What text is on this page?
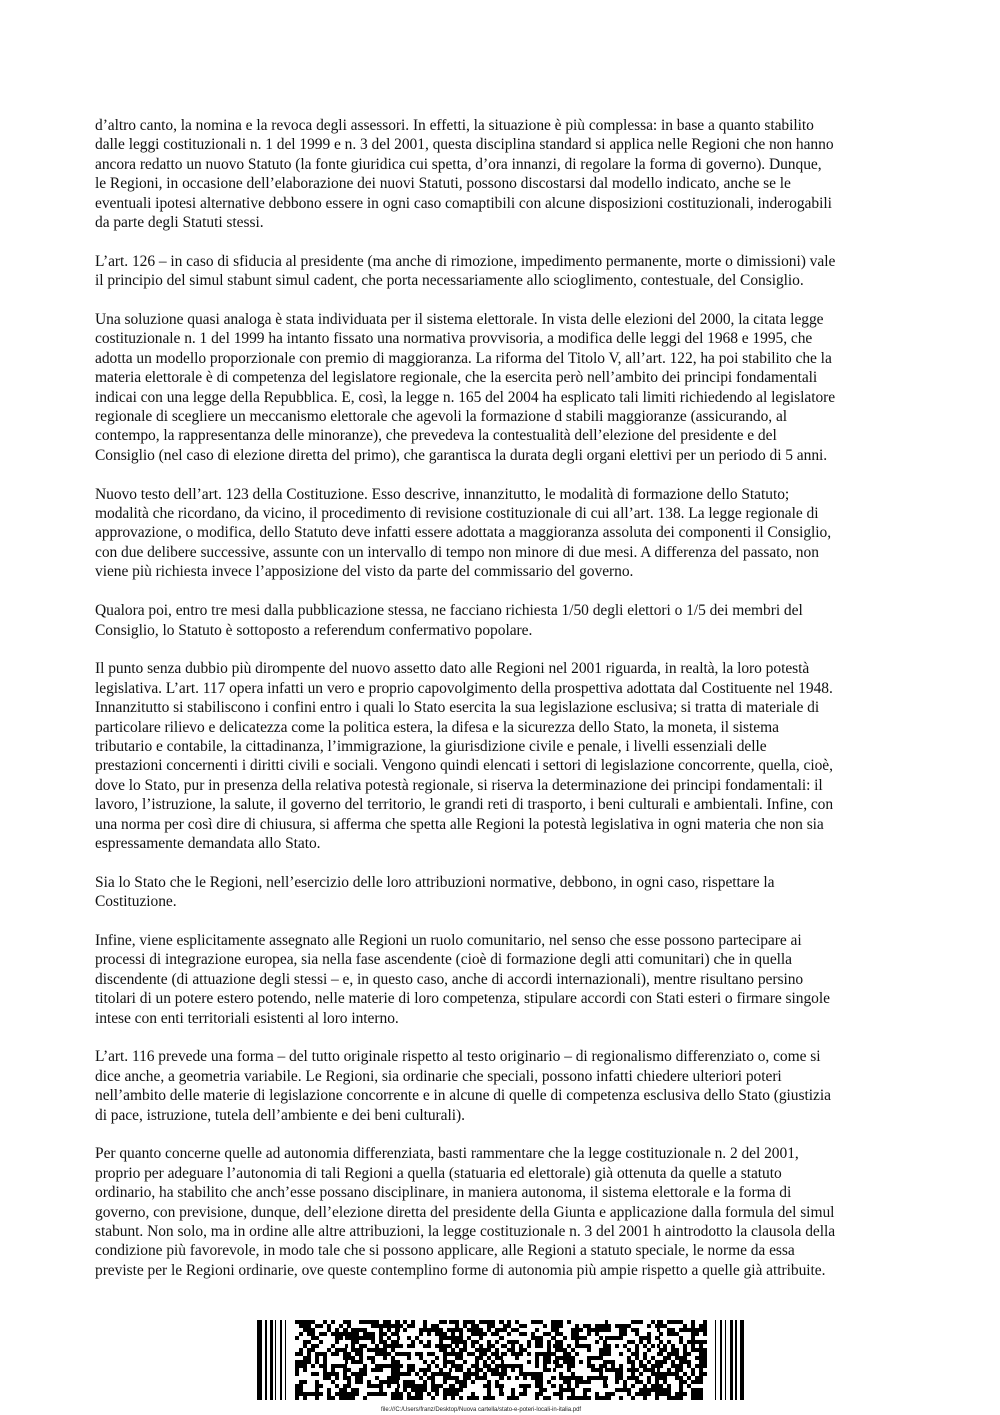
d’altro canto, la nomina e la revoca degli assessori. In effetti, la situazione è più complessa: in base a quanto stabilito
dalle leggi costituzionali n. 1 del 1999 e n. 3 del 2001, questa disciplina standard si applica nelle Regioni che non hanno
ancora redatto un nuovo Statuto (la fonte giuridica cui spetta, d’ora innanzi, di regolare la forma di governo). Dunque,
le Regioni, in occasione dell’elaborazione dei nuovi Statuti, possono discostarsi dal modello indicato, anche se le
eventuali ipotesi alternative debbono essere in ogni caso comaptibili con alcune disposizioni costituzionali, inderogabili
da parte degli Statuti stessi.

L’art. 126 – in caso di sfiducia al presidente (ma anche di rimozione, impedimento permanente, morte o dimissioni) vale
il principio del simul stabunt simul cadent, che porta necessariamente allo scioglimento, contestuale, del Consiglio.

Una soluzione quasi analoga è stata individuata per il sistema elettorale. In vista delle elezioni del 2000, la citata legge
costituzionale n. 1 del 1999 ha intanto fissato una normativa provvisoria, a modifica delle leggi del 1968 e 1995, che
adotta un modello proporzionale con premio di maggioranza. La riforma del Titolo V, all’art. 122, ha poi stabilito che la
materia elettorale è di competenza del legislatore regionale, che la esercita però nell’ambito dei principi fondamentali
indicai con una legge della Repubblica. E, così, la legge n. 165 del 2004 ha esplicato tali limiti richiedendo al legislatore
regionale di scegliere un meccanismo elettorale che agevoli la formazione d stabili maggioranze (assicurando, al
contempo, la rappresentanza delle minoranze), che prevedeva la contestualità dell’elezione del presidente e del
Consiglio (nel caso di elezione diretta del primo), che garantisca la durata degli organi elettivi per un periodo di 5 anni.

Nuovo testo dell’art. 123 della Costituzione. Esso descrive, innanzitutto, le modalità di formazione dello Statuto;
modalità che ricordano, da vicino, il procedimento di revisione costituzionale di cui all’art. 138. La legge regionale di
approvazione, o modifica, dello Statuto deve infatti essere adottata a maggioranza assoluta dei componenti il Consiglio,
con due delibere successive, assunte con un intervallo di tempo non minore di due mesi. A differenza del passato, non
viene più richiesta invece l’apposizione del visto da parte del commissario del governo.

Qualora poi, entro tre mesi dalla pubblicazione stessa, ne facciano richiesta 1/50 degli elettori o 1/5 dei membri del
Consiglio, lo Statuto è sottoposto a referendum confermativo popolare.

Il punto senza dubbio più dirompente del nuovo assetto dato alle Regioni nel 2001 riguarda, in realtà, la loro potestà
legislativa. L’art. 117 opera infatti un vero e proprio capovolgimento della prospettiva adottata dal Costituente nel 1948.
Innanzitutto si stabiliscono i confini entro i quali lo Stato esercita la sua legislazione esclusiva; si tratta di materiale di
particolare rilievo e delicatezza come la politica estera, la difesa e la sicurezza dello Stato, la moneta, il sistema
tributario e contabile, la cittadinanza, l’immigrazione, la giurisdizione civile e penale, i livelli essenziali delle
prestazioni concernenti i diritti civili e sociali. Vengono quindi elencati i settori di legislazione concorrente, quella, cioè,
dove lo Stato, pur in presenza della relativa potestà regionale, si riserva la determinazione dei principi fondamentali: il
lavoro, l’istruzione, la salute, il governo del territorio, le grandi reti di trasporto, i beni culturali e ambientali. Infine, con
una norma per così dire di chiusura, si afferma che spetta alle Regioni la potestà legislativa in ogni materia che non sia
espressamente demandata allo Stato.

Sia lo Stato che le Regioni, nell’esercizio delle loro attribuzioni normative, debbono, in ogni caso, rispettare la
Costituzione.

Infine, viene esplicitamente assegnato alle Regioni un ruolo comunitario, nel senso che esse possono partecipare ai
processi di integrazione europea, sia nella fase ascendente (cioè di formazione degli atti comunitari) che in quella
discendente (di attuazione degli stessi – e, in questo caso, anche di accordi internazionali), mentre risultano persino
titolari di un potere estero potendo, nelle materie di loro competenza, stipulare accordi con Stati esteri o firmare singole
intese con enti territoriali esistenti al loro interno.

L’art. 116 prevede una forma – del tutto originale rispetto al testo originario – di regionalismo differenziato o, come si
dice anche, a geometria variabile. Le Regioni, sia ordinarie che speciali, possono infatti chiedere ulteriori poteri
nell’ambito delle materie di legislazione concorrente e in alcune di quelle di competenza esclusiva dello Stato (giustizia
di pace, istruzione, tutela dell’ambiente e dei beni culturali).

Per quanto concerne quelle ad autonomia differenziata, basti rammentare che la legge costituzionale n. 2 del 2001,
proprio per adeguare l’autonomia di tali Regioni a quella (statuaria ed elettorale) già ottenuta da quelle a statuto
ordinario, ha stabilito che anch’esse possano disciplinare, in maniera autonoma, il sistema elettorale e la forma di
governo, con previsione, dunque, dell’elezione diretta del presidente della Giunta e applicazione dalla formula del simul
stabunt. Non solo, ma in ordine alle altre attribuzioni, la legge costituzionale n. 3 del 2001 h aintrodotto la clausola della
condizione più favorevole, in modo tale che si possono applicare, alle Regioni a statuto speciale, le norme da essa
previste per le Regioni ordinarie, ove queste contemplino forme di autonomia più ampie rispetto a quelle già attribuite.

file:///C:/Users/franz/Desktop/Nuova cartella/stato-e-poteri-locali-in-italia.pdf
